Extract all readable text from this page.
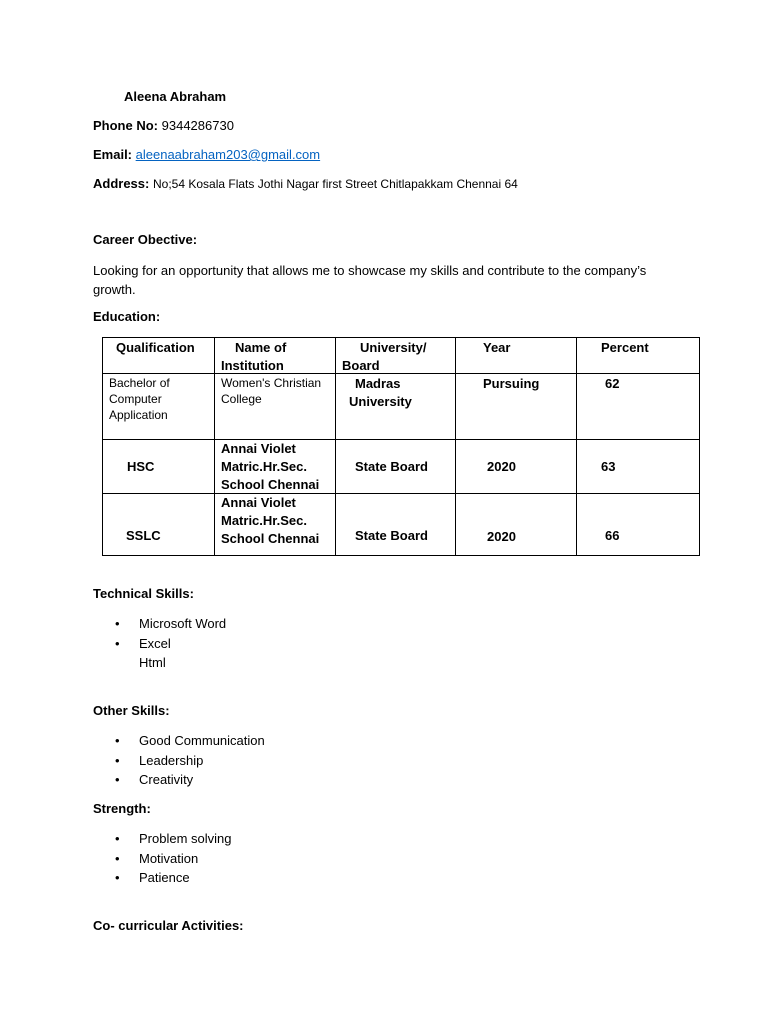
Aleena Abraham
Phone No: 9344286730
Email: aleenaabraham203@gmail.com
Address: No;54 Kosala Flats Jothi Nagar first Street Chitlapakkam Chennai 64
Career Obective:
Looking for an opportunity that allows me to showcase my skills and contribute to the company’s growth.
Education:
Qualification	Name of Institution	University/ Board	Year	Percent

Bachelor of Computer Application	Women's Christian College	Madras University	Pursuing	62

HSC	Annai Violet Matric.Hr.Sec. School Chennai	State Board	2020	63

SSLC	Annai Violet Matric.Hr.Sec. School Chennai	State Board	2020	66
Technical Skills:
• Microsoft Word
• Excel
Html
Other Skills:
• Good Communication
• Leadership
• Creativity
Strength:
• Problem solving
• Motivation
• Patience
Co- curricular Activities:
